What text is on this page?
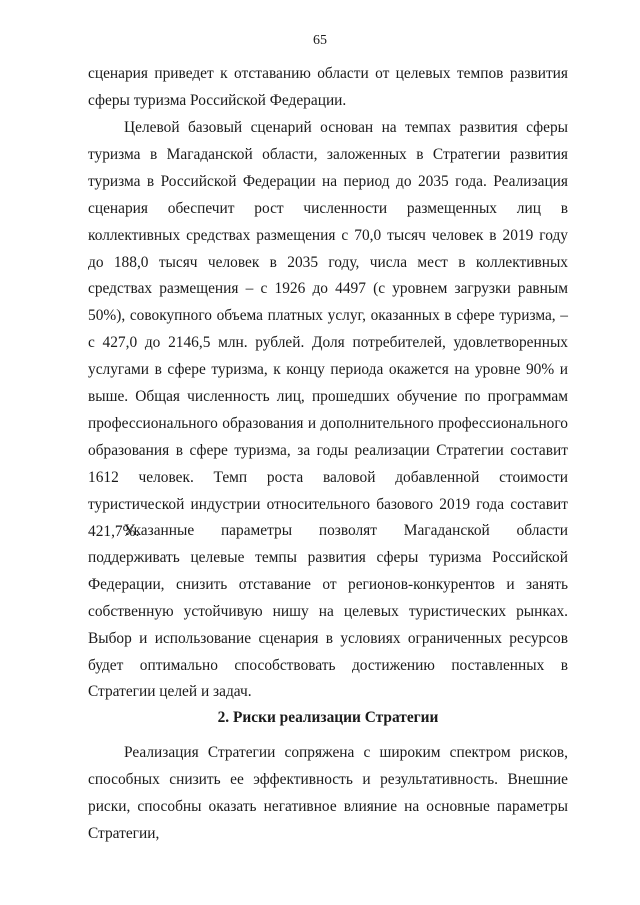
65

сценария приведет к отставанию области от целевых темпов развития сферы туризма Российской Федерации.

Целевой базовый сценарий основан на темпах развития сферы туризма в Магаданской области, заложенных в Стратегии развития туризма в Российской Федерации на период до 2035 года. Реализация сценария обеспечит рост численности размещенных лиц в коллективных средствах размещения с 70,0 тысяч человек в 2019 году до 188,0 тысяч человек в 2035 году, числа мест в коллективных средствах размещения – с 1926 до 4497 (с уровнем загрузки равным 50%), совокупного объема платных услуг, оказанных в сфере туризма, – с 427,0 до 2146,5 млн. рублей. Доля потребителей, удовлетворенных услугами в сфере туризма, к концу периода окажется на уровне 90% и выше. Общая численность лиц, прошедших обучение по программам профессионального образования и дополнительного профессионального образования в сфере туризма, за годы реализации Стратегии составит 1612 человек. Темп роста валовой добавленной стоимости туристической индустрии относительного базового 2019 года составит 421,7%.

Указанные параметры позволят Магаданской области поддерживать целевые темпы развития сферы туризма Российской Федерации, снизить отставание от регионов-конкурентов и занять собственную устойчивую нишу на целевых туристических рынках. Выбор и использование сценария в условиях ограниченных ресурсов будет оптимально способствовать достижению поставленных в Стратегии целей и задач.

2. Риски реализации Стратегии

Реализация Стратегии сопряжена с широким спектром рисков, способных снизить ее эффективность и результативность. Внешние риски, способны оказать негативное влияние на основные параметры Стратегии,
